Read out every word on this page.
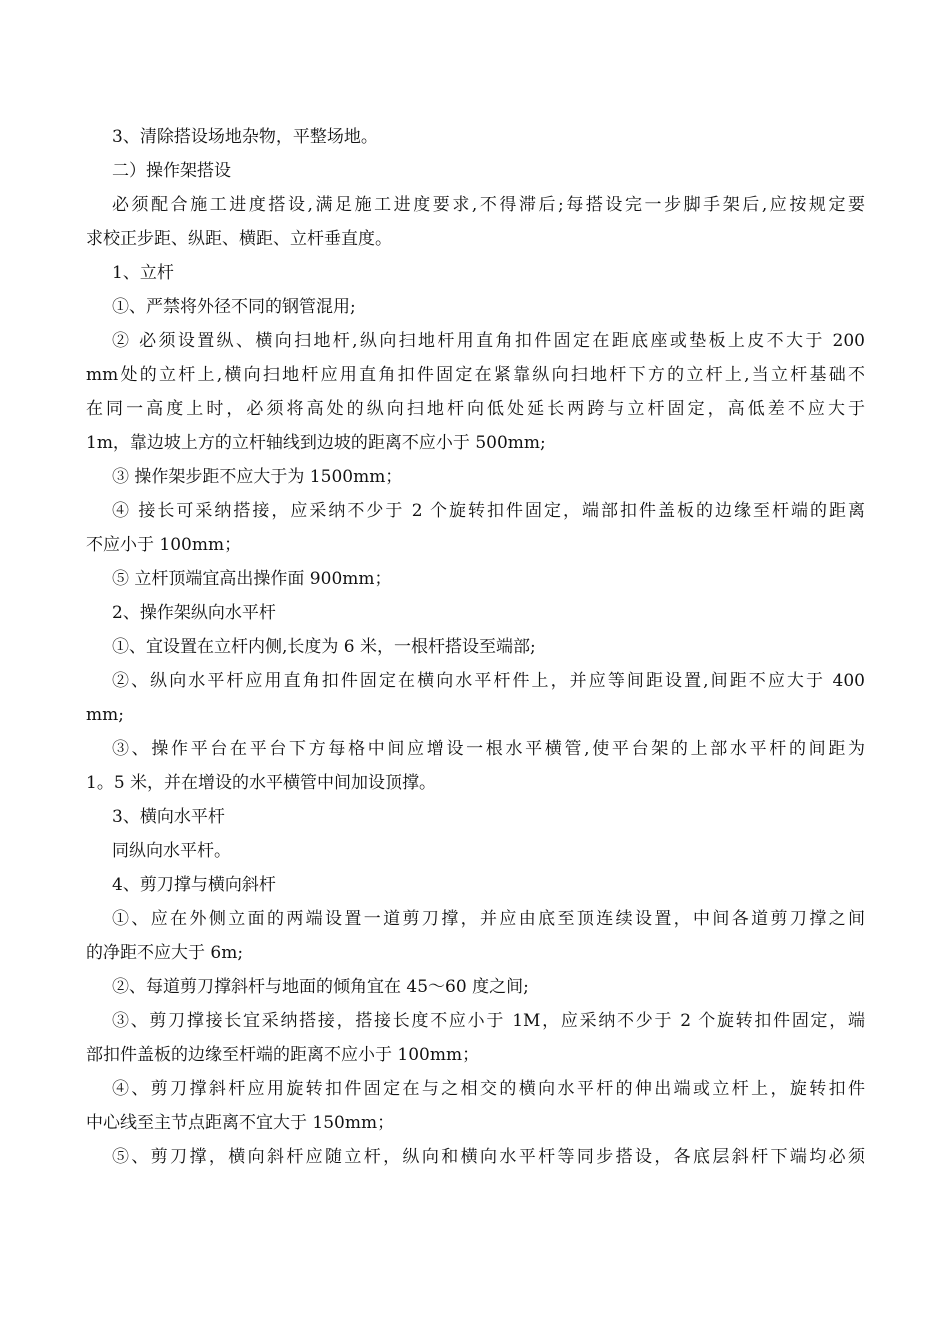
3、清除搭设场地杂物，平整场地。
二）操作架搭设
必须配合施工进度搭设,满足施工进度要求,不得滞后;每搭设完一步脚手架后,应按规定要
求校正步距、纵距、横距、立杆垂直度。
1、立杆
①、严禁将外径不同的钢管混用;
② 必须设置纵、横向扫地杆,纵向扫地杆用直角扣件固定在距底座或垫板上皮不大于 200
mm处的立杆上,横向扫地杆应用直角扣件固定在紧靠纵向扫地杆下方的立杆上,当立杆基础不
在同一高度上时，必须将高处的纵向扫地杆向低处延长两跨与立杆固定，高低差不应大于
1m，靠边坡上方的立杆轴线到边坡的距离不应小于 500mm;
③ 操作架步距不应大于为 1500mm；
④ 接长可采纳搭接，应采纳不少于 2 个旋转扣件固定，端部扣件盖板的边缘至杆端的距离
不应小于 100mm；
⑤ 立杆顶端宜高出操作面 900mm；
2、操作架纵向水平杆
①、宜设置在立杆内侧,长度为 6 米，一根杆搭设至端部;
②、纵向水平杆应用直角扣件固定在横向水平杆件上，并应等间距设置,间距不应大于 400
mm;
③、操作平台在平台下方每格中间应增设一根水平横管,使平台架的上部水平杆的间距为
1。5 米，并在增设的水平横管中间加设顶撑。
3、横向水平杆
同纵向水平杆。
4、剪刀撑与横向斜杆
①、应在外侧立面的两端设置一道剪刀撑，并应由底至顶连续设置，中间各道剪刀撑之间
的净距不应大于 6m;
②、每道剪刀撑斜杆与地面的倾角宜在 45～60 度之间;
③、剪刀撑接长宜采纳搭接，搭接长度不应小于 1M，应采纳不少于 2 个旋转扣件固定，端
部扣件盖板的边缘至杆端的距离不应小于 100mm；
④、剪刀撑斜杆应用旋转扣件固定在与之相交的横向水平杆的伸出端或立杆上，旋转扣件
中心线至主节点距离不宜大于 150mm；
⑤、剪刀撑，横向斜杆应随立杆，纵向和横向水平杆等同步搭设，各底层斜杆下端均必须
